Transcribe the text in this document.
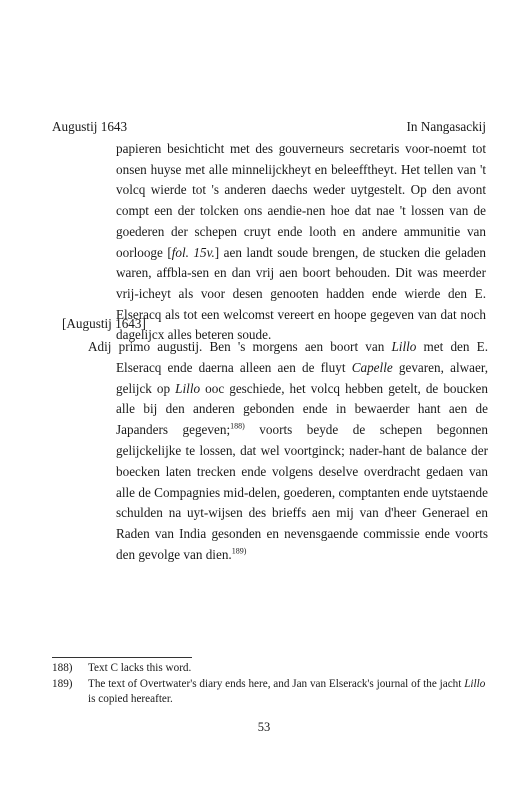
Augustij 1643	In Nangasackij

papieren besichticht met des gouverneurs secretaris voor-noemt tot onsen huyse met alle minnelijckheyt en beleefftheyt. Het tellen van 't volcq wierde tot 's anderen daechs weder uytgestelt. Op den avont compt een der tolcken ons aendie-nen hoe dat nae 't lossen van de goederen der schepen cruyt ende looth en andere ammunitie van oorlooge [fol. 15v.] aen landt soude brengen, de stucken die geladen waren, affbla-sen en dan vrij aen boort behouden. Dit was meerder vrij-icheyt als voor desen genooten hadden ende wierde den E. Elseracq als tot een welcomst vereert en hoope gegeven van dat noch dagelijcx alles beteren soude.

[Augustij 1643]

Adij primo augustij. Ben 's morgens aen boort van Lillo met den E. Elseracq ende daerna alleen aen de fluyt Capelle gevaren, alwaer, gelijck op Lillo ooc geschiede, het volcq hebben getelt, de boucken alle bij den anderen gebonden ende in bewaerder hant aen de Japanders gegeven;$^{188)}$ voorts beyde de schepen begonnen gelijckelijke te lossen, dat wel voortginck; nader-hant de balance der boecken laten trecken ende volgens deselve overdracht gedaen van alle de Compagnies mid-delen, goederen, comptanten ende uytstaende schulden na uyt-wijsen des brieffs aen mij van d'heer Generael en Raden van India gesonden en nevensgaende commissie ende voorts den gevolge van dien.$^{189)}$

188)	Text C lacks this word.
189)	The text of Overtwater's diary ends here, and Jan van Elserack's journal of the jacht Lillo is copied hereafter.
53
